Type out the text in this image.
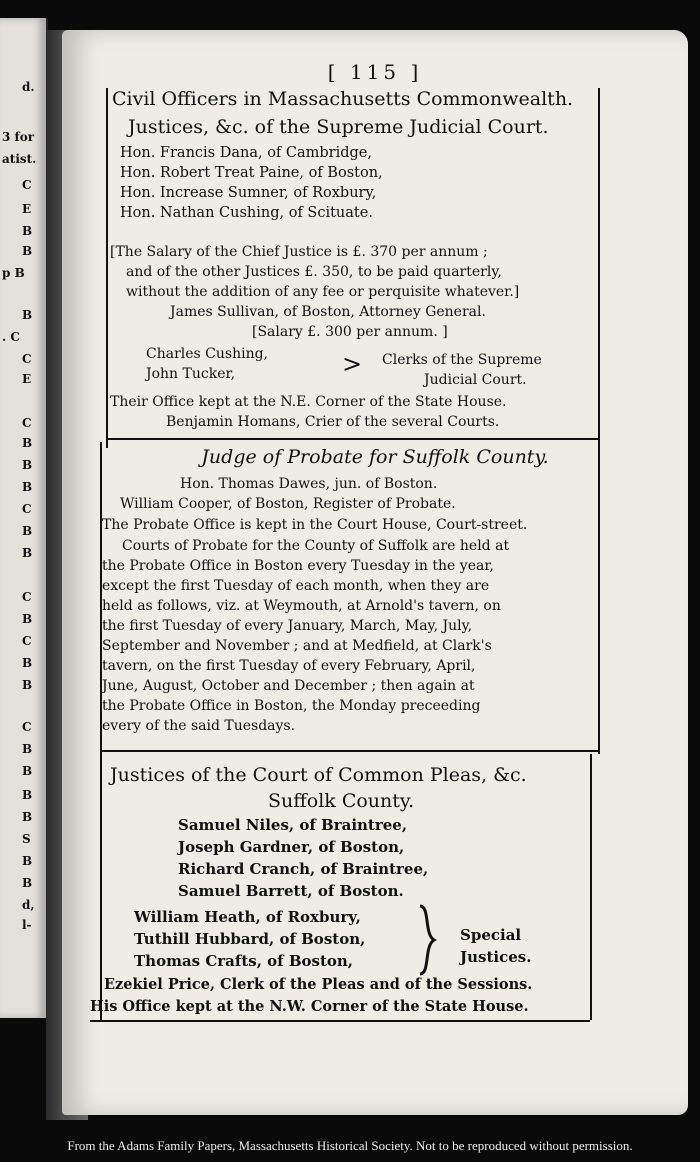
d.
3 for
atist.
C
E
B
B
p B
B
. C
C
E
C
B
B
B
C
B
B
C
B
C
B
B
C
B
B
B
B
S
B
B
d,
l-
[ 115 ]
Civil Officers in Massachusetts Commonwealth.
Justices, &c. of the Supreme Judicial Court.
Hon. Francis Dana, of Cambridge,
Hon. Robert Treat Paine, of Boston,
Hon. Increase Sumner, of Roxbury,
Hon. Nathan Cushing, of Scituate.
[The Salary of the Chief Justice is £. 370 per annum ;
and of the other Justices £. 350, to be paid quarterly,
without the addition of any fee or perquisite whatever.]
James Sullivan, of Boston, Attorney General.
[Salary £. 300 per annum. ]
Charles Cushing,
John Tucker,	> Clerks of the Supreme
Judicial Court.
Their Office kept at the N.E. Corner of the State House.
Benjamin Homans, Crier of the several Courts.
Judge of Probate for Suffolk County.
Hon. Thomas Dawes, jun. of Boston.
William Cooper, of Boston, Register of Probate.
The Probate Office is kept in the Court House, Court-street.
Courts of Probate for the County of Suffolk are held at
the Probate Office in Boston every Tuesday in the year,
except the first Tuesday of each month, when they are
held as follows, viz. at Weymouth, at Arnold's tavern, on
the first Tuesday of every January, March, May, July,
September and November ; and at Medfield, at Clark's
tavern, on the first Tuesday of every February, April,
June, August, October and December ; then again at
the Probate Office in Boston, the Monday preceeding
every of the said Tuesdays.
Justices of the Court of Common Pleas, &c.
Suffolk County.
Samuel Niles, of Braintree,
Joseph Gardner, of Boston,
Richard Cranch, of Braintree,
Samuel Barrett, of Boston.
William Heath, of Roxbury,
Tuthill Hubbard, of Boston,
Thomas Crafts, of Boston,
Special
Justices.
Ezekiel Price, Clerk of the Pleas and of the Sessions.
His Office kept at the N.W. Corner of the State House.
From the Adams Family Papers, Massachusetts Historical Society. Not to be reproduced without permission.
